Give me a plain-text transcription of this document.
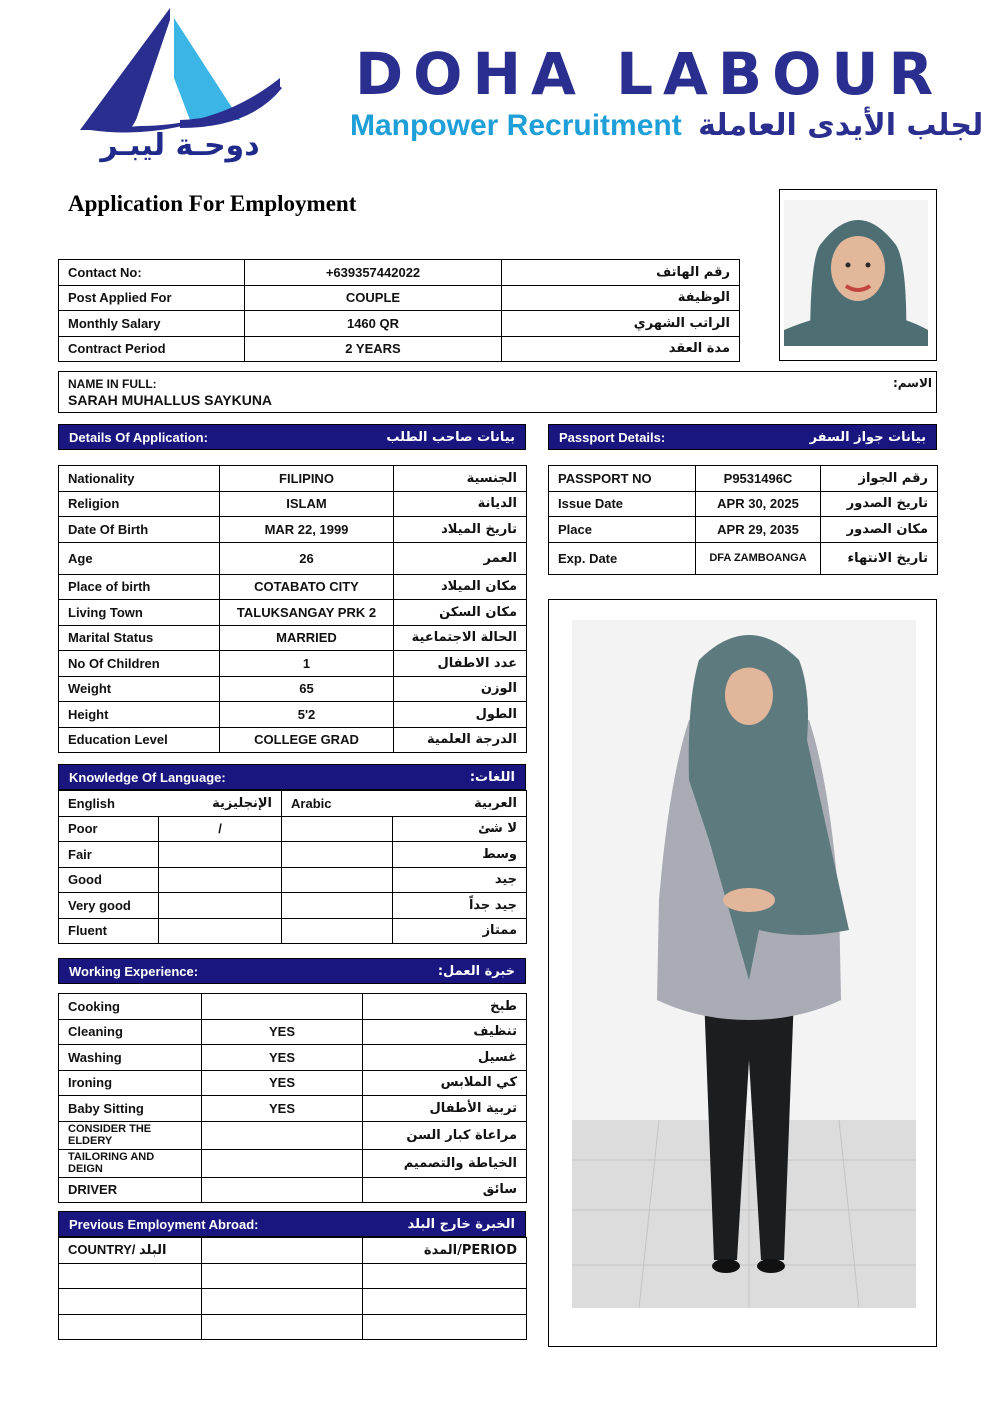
دوحـة ليبـر
DOHA LABOUR
Manpower Recruitment لجلب الأيدى العاملة
Application For Employment
Contact No:	+639357442022	رقم الهاتف
Post Applied For	COUPLE	الوظيفة
Monthly Salary	1460 QR	الراتب الشهري
Contract Period	2 YEARS	مدة العقد
NAME IN FULL:
SARAH MUHALLUS SAYKUNA
الاسم:
Details Of Application:	بيانات صاحب الطلب
Nationality	FILIPINO	الجنسية
Religion	ISLAM	الديانة
Date Of Birth	MAR 22, 1999	تاريخ الميلاد
Age	26	العمر
Place of birth	COTABATO CITY	مكان الميلاد
Living Town	TALUKSANGAY PRK 2	مكان السكن
Marital Status	MARRIED	الحالة الاجتماعية
No Of Children	1	عدد الاطفال
Weight	65	الوزن
Height	5'2	الطول
Education Level	COLLEGE GRAD	الدرجة العلمية
Passport Details:	بيانات جواز السفر
PASSPORT NO	P9531496C	رقم الجواز
Issue Date	APR 30, 2025	تاريخ الصدور
Place	APR 29, 2035	مكان الصدور
Exp. Date	DFA ZAMBOANGA	تاريخ الانتهاء
Knowledge Of Language:	اللغات:
English الإنجليزية		Arabic	العربية
Poor	/		لا شئ
Fair			وسط
Good			جيد
Very good			جيد جداً
Fluent			ممتاز
Working Experience:	خبرة العمل:
Cooking		طبخ
Cleaning	YES	تنظيف
Washing	YES	غسيل
Ironing	YES	كي الملابس
Baby Sitting	YES	تربية الأطفال
CONSIDER THE ELDERY		مراعاة كبار السن
TAILORING AND DEIGN		الخياطة والتصميم
DRIVER		سائق
Previous Employment Abroad:	الخبرة خارج البلد
COUNTRY/ البلد		PERIOD/المدة
